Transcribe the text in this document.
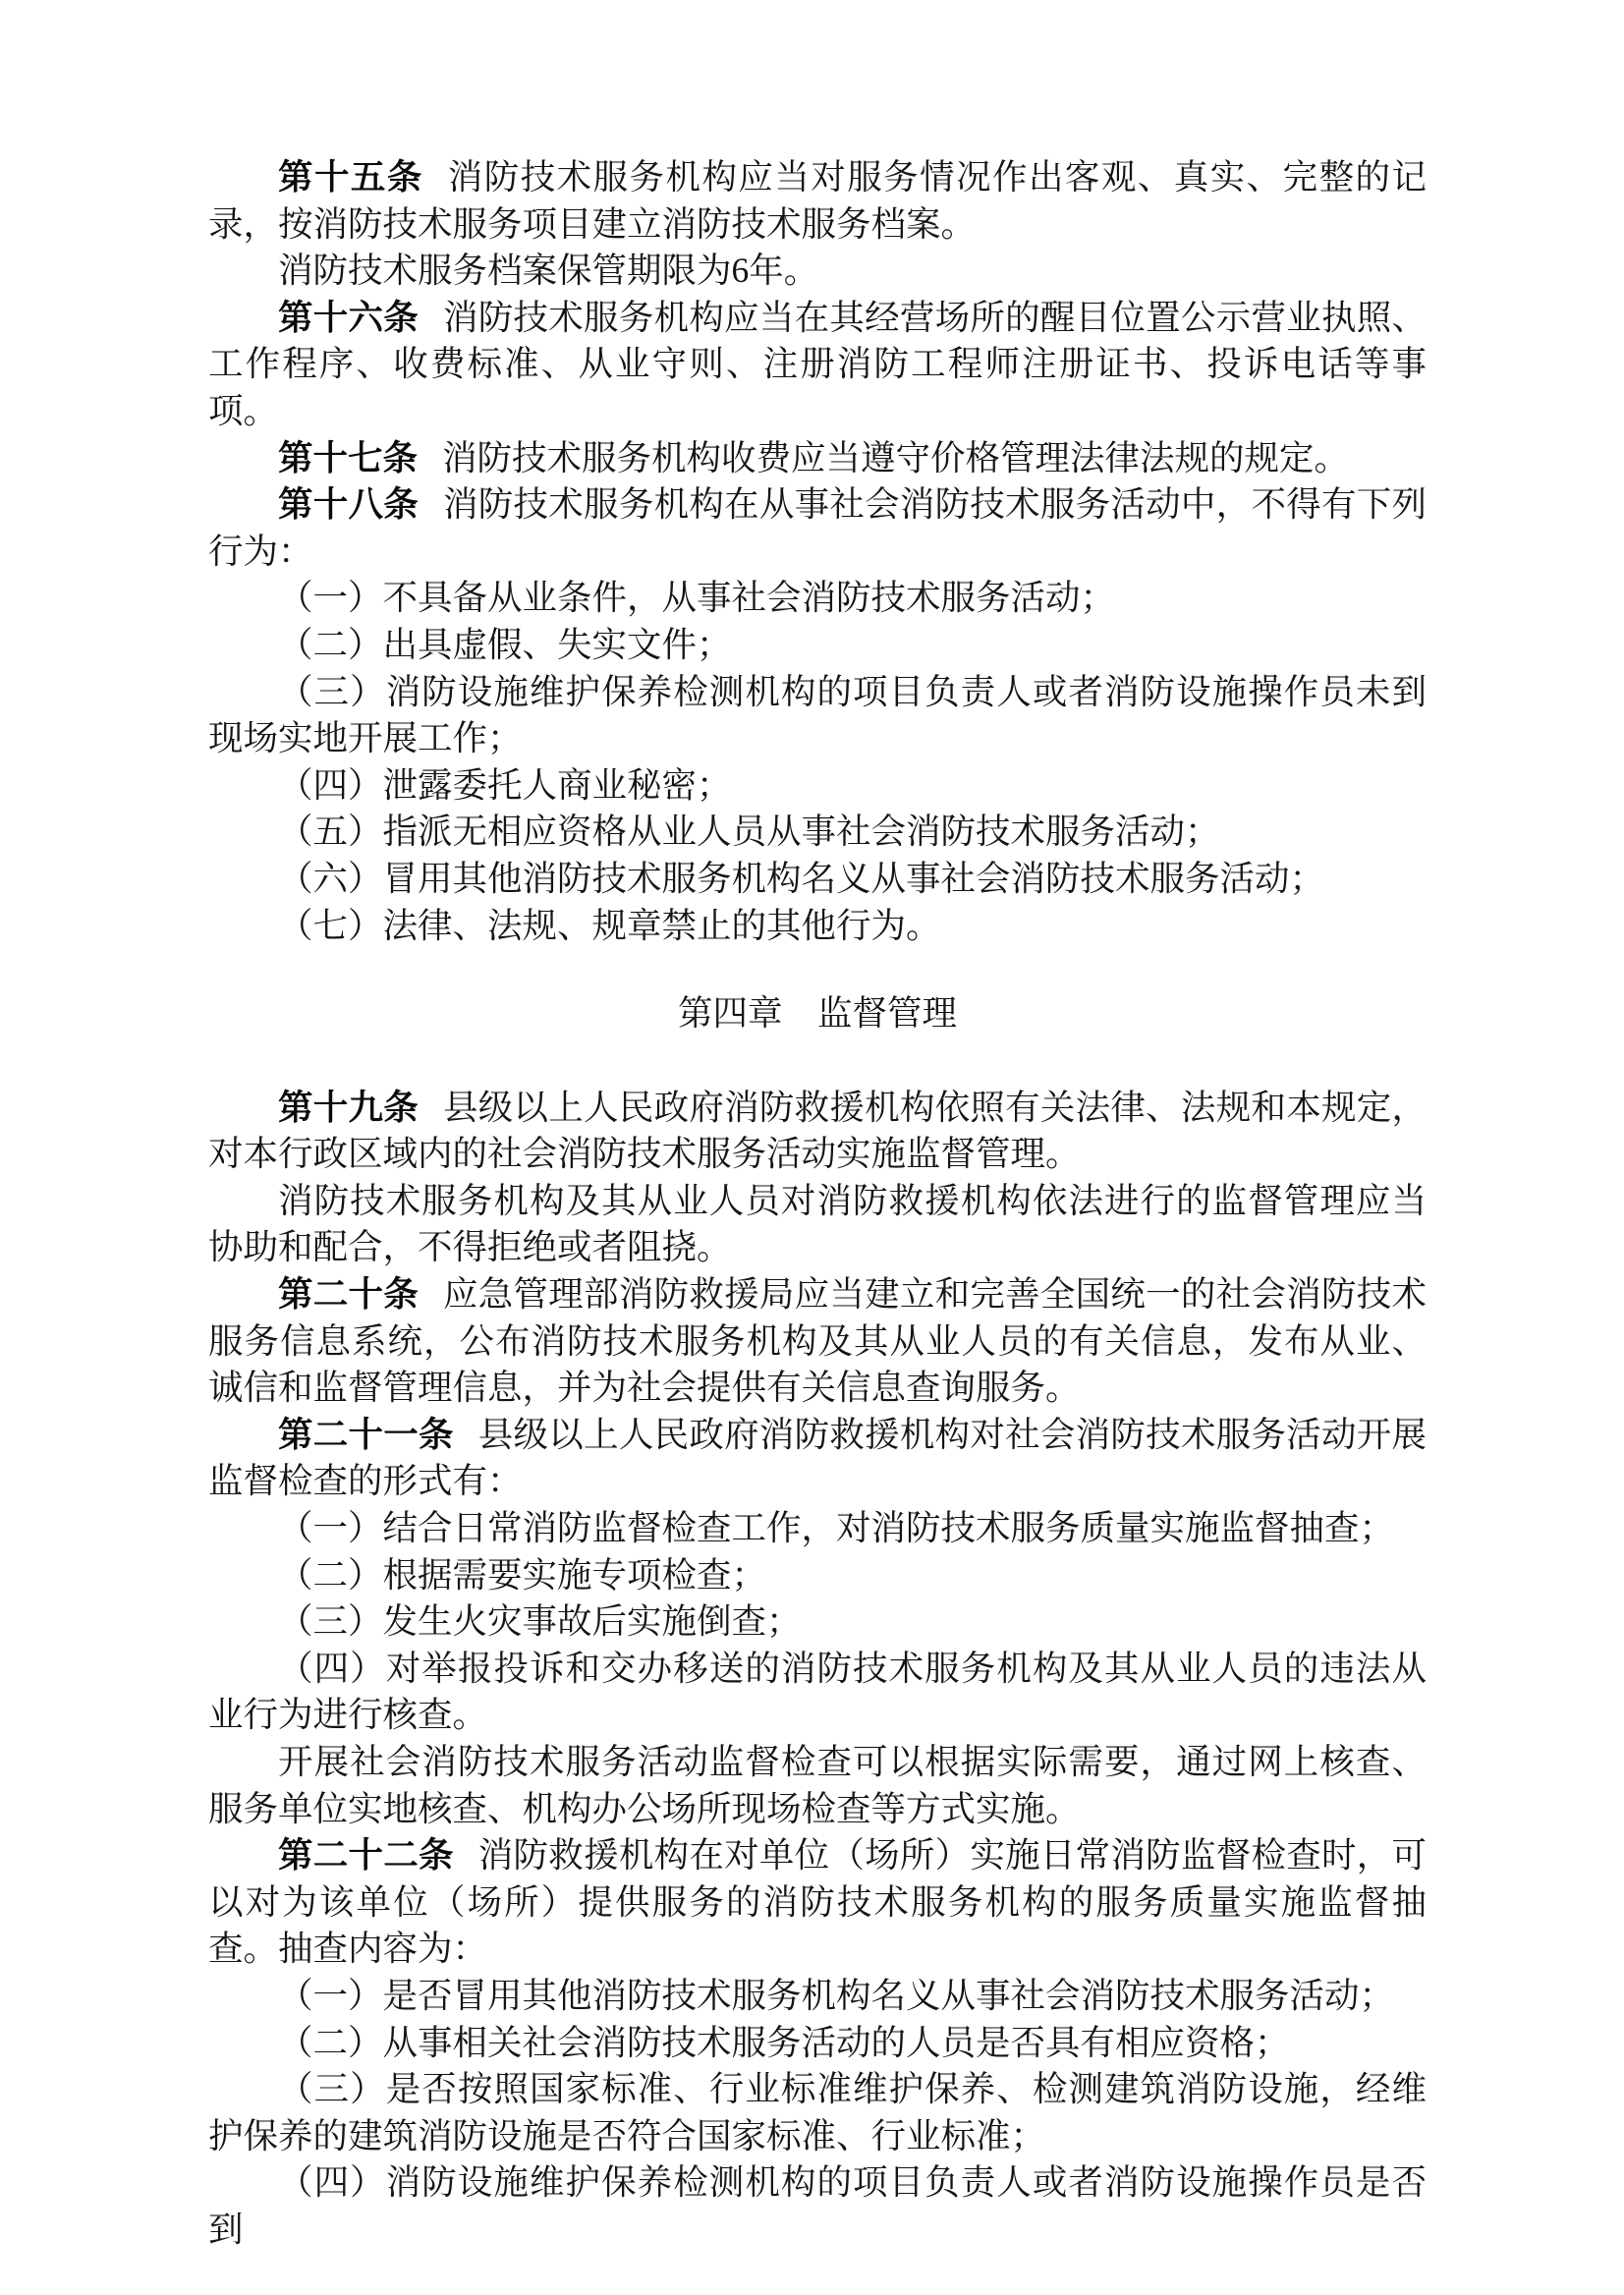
第十五条 消防技术服务机构应当对服务情况作出客观、真实、完整的记录，按消防技术服务项目建立消防技术服务档案。

消防技术服务档案保管期限为6年。

第十六条 消防技术服务机构应当在其经营场所的醒目位置公示营业执照、工作程序、收费标准、从业守则、注册消防工程师注册证书、投诉电话等事项。

第十七条 消防技术服务机构收费应当遵守价格管理法律法规的规定。

第十八条 消防技术服务机构在从事社会消防技术服务活动中，不得有下列行为：

（一）不具备从业条件，从事社会消防技术服务活动；

（二）出具虚假、失实文件；

（三）消防设施维护保养检测机构的项目负责人或者消防设施操作员未到现场实地开展工作；

（四）泄露委托人商业秘密；

（五）指派无相应资格从业人员从事社会消防技术服务活动；

（六）冒用其他消防技术服务机构名义从事社会消防技术服务活动；

（七）法律、法规、规章禁止的其他行为。

第四章　监督管理

第十九条 县级以上人民政府消防救援机构依照有关法律、法规和本规定，对本行政区域内的社会消防技术服务活动实施监督管理。

消防技术服务机构及其从业人员对消防救援机构依法进行的监督管理应当协助和配合，不得拒绝或者阻挠。

第二十条 应急管理部消防救援局应当建立和完善全国统一的社会消防技术服务信息系统，公布消防技术服务机构及其从业人员的有关信息，发布从业、诚信和监督管理信息，并为社会提供有关信息查询服务。

第二十一条 县级以上人民政府消防救援机构对社会消防技术服务活动开展监督检查的形式有：

（一）结合日常消防监督检查工作，对消防技术服务质量实施监督抽查；

（二）根据需要实施专项检查；

（三）发生火灾事故后实施倒查；

（四）对举报投诉和交办移送的消防技术服务机构及其从业人员的违法从业行为进行核查。

开展社会消防技术服务活动监督检查可以根据实际需要，通过网上核查、服务单位实地核查、机构办公场所现场检查等方式实施。

第二十二条 消防救援机构在对单位（场所）实施日常消防监督检查时，可以对为该单位（场所）提供服务的消防技术服务机构的服务质量实施监督抽查。抽查内容为：

（一）是否冒用其他消防技术服务机构名义从事社会消防技术服务活动；

（二）从事相关社会消防技术服务活动的人员是否具有相应资格；

（三）是否按照国家标准、行业标准维护保养、检测建筑消防设施，经维护保养的建筑消防设施是否符合国家标准、行业标准；

（四）消防设施维护保养检测机构的项目负责人或者消防设施操作员是否到
